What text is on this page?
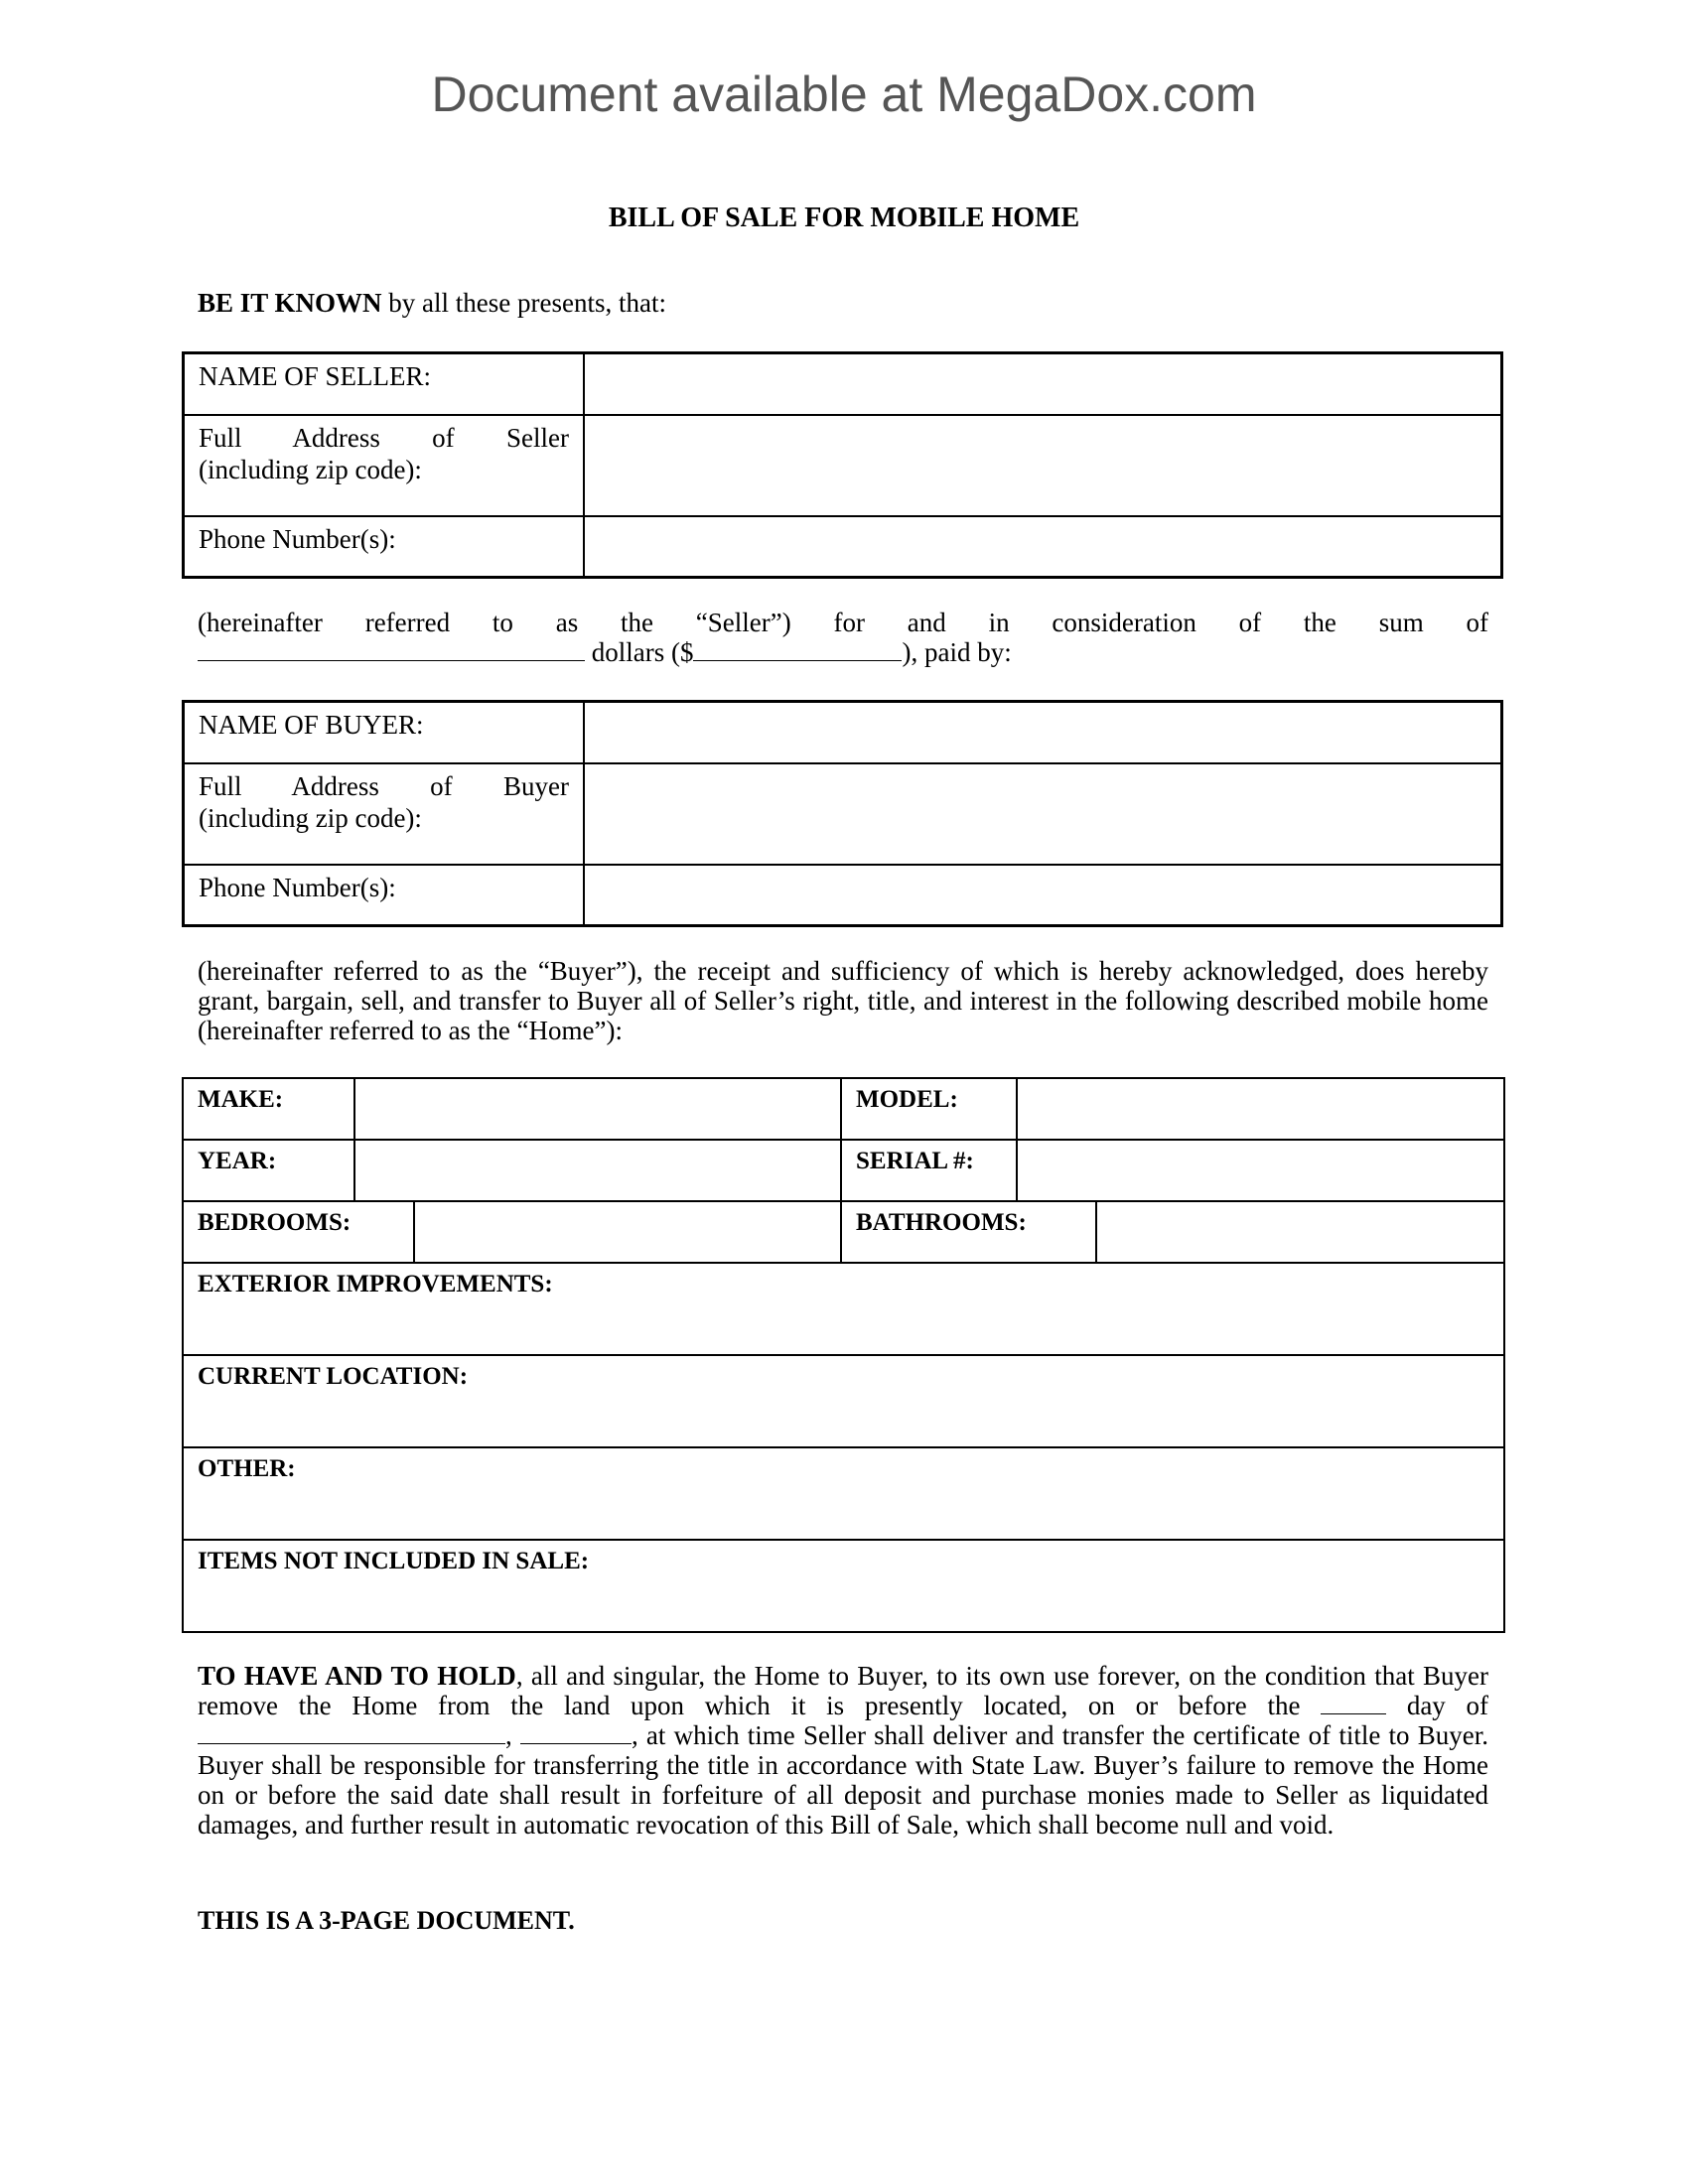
Document available at MegaDox.com
BILL OF SALE FOR MOBILE HOME
BE IT KNOWN by all these presents, that:
NAME OF SELLER:	

Full Address of Seller
(including zip code):	
Phone Number(s):	
(hereinafter referred to as the “Seller”) for and in consideration of the sum of
dollars ($	), paid by:
NAME OF BUYER:	

Full Address of Buyer
(including zip code):	
Phone Number(s):	
(hereinafter referred to as the “Buyer”), the receipt and sufficiency of which is hereby acknowledged, does hereby grant, bargain, sell, and transfer to Buyer all of Seller’s right, title, and interest in the following described mobile home (hereinafter referred to as the “Home”):
MAKE:			MODEL:		
YEAR:			SERIAL #:		
BEDROOMS:			BATHROOMS:		
EXTERIOR IMPROVEMENTS:					
CURRENT LOCATION:					
OTHER:					
ITEMS NOT INCLUDED IN SALE:					
TO HAVE AND TO HOLD, all and singular, the Home to Buyer, to its own use forever, on the condition that Buyer remove the Home from the land upon which it is presently located, on or before the  day of ,	, at which time Seller shall deliver and transfer the certificate of title to Buyer. Buyer shall be responsible for transferring the title in accordance with State Law. Buyer’s failure to remove the Home on or before the said date shall result in forfeiture of all deposit and purchase monies made to Seller as liquidated damages, and further result in automatic revocation of this Bill of Sale, which shall become null and void.
THIS IS A 3-PAGE DOCUMENT.
